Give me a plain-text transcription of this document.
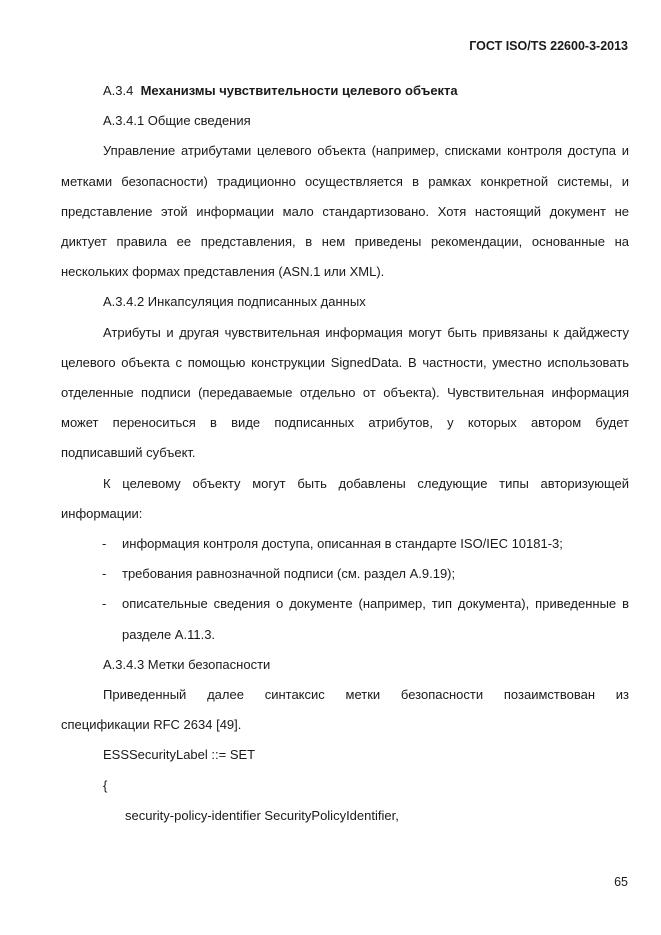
ГОСТ ISO/TS 22600-3-2013

A.3.4 Механизмы чувствительности целевого объекта

A.3.4.1 Общие сведения

Управление атрибутами целевого объекта (например, списками контроля доступа и

метками безопасности) традиционно осуществляется в рамках конкретной системы, и

представление этой информации мало стандартизовано. Хотя настоящий документ не

диктует правила ее представления, в нем приведены рекомендации, основанные на

нескольких формах представления (ASN.1 или XML).

A.3.4.2 Инкапсуляция подписанных данных

Атрибуты и другая чувствительная информация могут быть привязаны к дайджесту

целевого объекта с помощью конструкции SignedData. В частности, уместно использовать

отделенные подписи (передаваемые отдельно от объекта). Чувствительная информация

может переноситься в виде подписанных атрибутов, у которых автором будет

подписавший субъект.

К целевому объекту могут быть добавлены следующие типы авторизующей

информации:

- информация контроля доступа, описанная в стандарте ISO/IEC 10181-3;

- требования равнозначной подписи (см. раздел A.9.19);

- описательные сведения о документе (например, тип документа), приведенные в

разделе A.11.3.

A.3.4.3 Метки безопасности

Приведенный далее синтаксис метки безопасности позаимствован из

спецификации RFC 2634 [49].

ESSSecurityLabel ::= SET

{

security-policy-identifier SecurityPolicyIdentifier,

65
